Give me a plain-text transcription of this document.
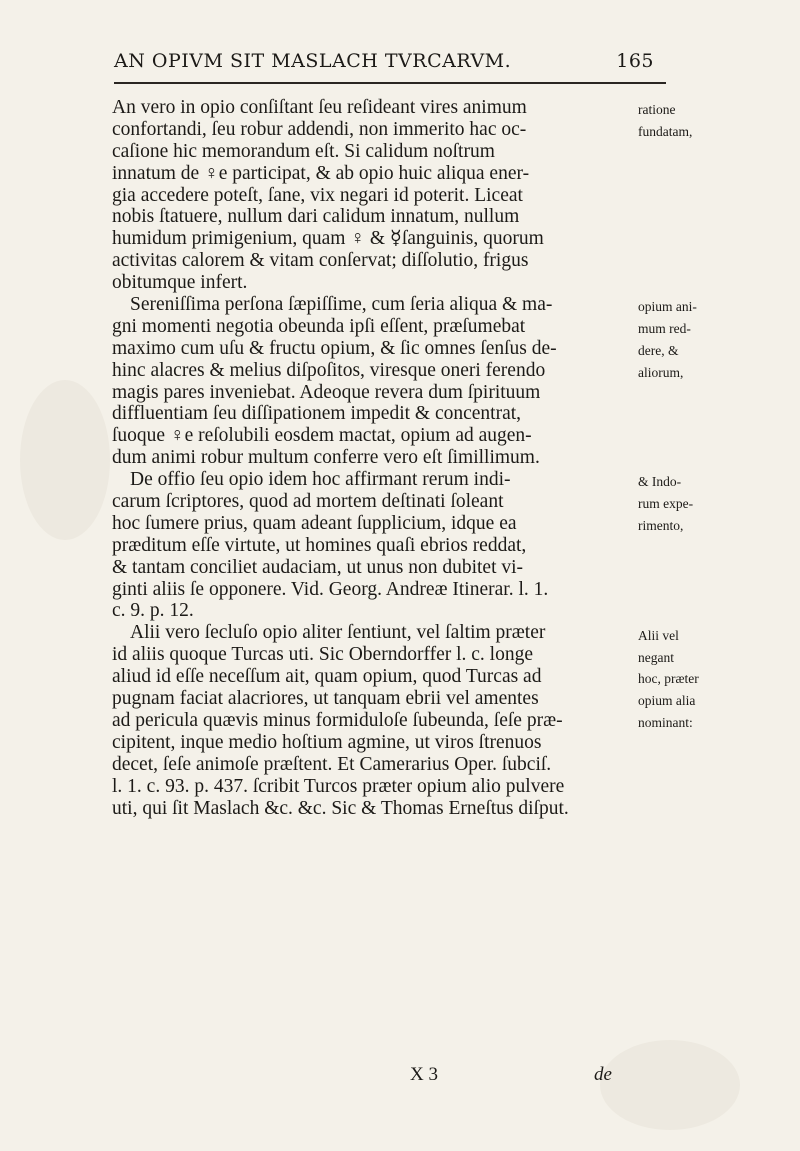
AN OPIVM SIT MASLACH TVRCARVM.	165
An vero in opio conſiſtant ſeu reſideant vires animum
confortandi, ſeu robur addendi, non immerito hac oc-
caſione hic memorandum eſt. Si calidum noſtrum
innatum de ♀e participat, & ab opio huic aliqua ener-
gia accedere poteſt, ſane, vix negari id poterit. Liceat
nobis ſtatuere, nullum dari calidum innatum, nullum
humidum primigenium, quam ♀ & ☿ſanguinis, quorum
activitas calorem & vitam conſervat; diſſolutio, frigus
obitumque infert.
Sereniſſima perſona ſæpiſſime, cum ſeria aliqua & ma-
gni momenti negotia obeunda ipſi eſſent, præſumebat
maximo cum uſu & fructu opium, & ſic omnes ſenſus de-
hinc alacres & melius diſpoſitos, viresque oneri ferendo
magis pares inveniebat. Adeoque revera dum ſpirituum
diffluentiam ſeu diſſipationem impedit & concentrat,
ſuoque ♀e reſolubili eosdem mactat, opium ad augen-
dum animi robur multum conferre vero eſt ſimillimum.
De offio ſeu opio idem hoc affirmant rerum indi-
carum ſcriptores, quod ad mortem deſtinati ſoleant
hoc ſumere prius, quam adeant ſupplicium, idque ea
præditum eſſe virtute, ut homines quaſi ebrios reddat,
& tantam conciliet audaciam, ut unus non dubitet vi-
ginti aliis ſe opponere. Vid. Georg. Andreæ Itinerar. l. 1.
c. 9. p. 12.
Alii vero ſecluſo opio aliter ſentiunt, vel ſaltim præter
id aliis quoque Turcas uti. Sic Oberndorffer l. c. longe
aliud id eſſe neceſſum ait, quam opium, quod Turcas ad
pugnam faciat alacriores, ut tanquam ebrii vel amentes
ad pericula quævis minus formiduloſe ſubeunda, ſeſe præ-
cipitent, inque medio hoſtium agmine, ut viros ſtrenuos
decet, ſeſe animoſe præſtent. Et Camerarius Oper. ſubciſ.
l. 1. c. 93. p. 437. ſcribit Turcos præter opium alio pulvere
uti, qui ſit Maslach &c. &c. Sic & Thomas Erneſtus diſput.
ratione
fundatam,
opium ani-
mum red-
dere, &
aliorum,
& Indo-
rum expe-
rimento,
Alii vel
negant
hoc, præter
opium alia
nominant:
X 3	de
